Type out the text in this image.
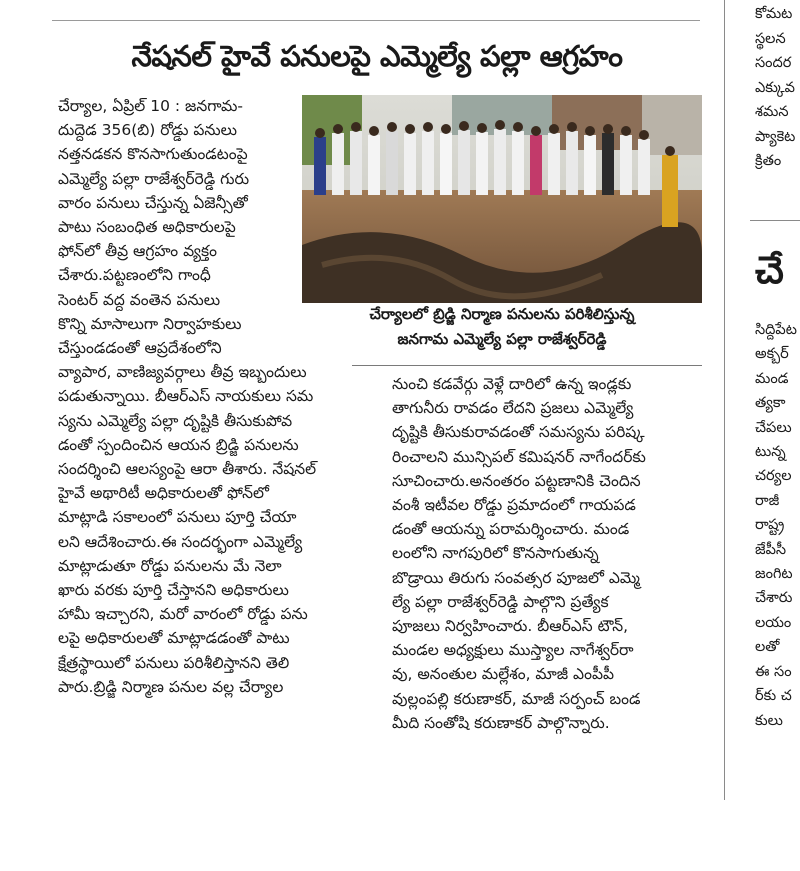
నేషనల్ హైవే పనులపై ఎమ్మెల్యే పల్లా ఆగ్రహం
చేర్యాల, ఏప్రిల్ 10 : జనగామ-
దుద్దెడ 356(బి) రోడ్డు పనులు
నత్తనడకన కొనసాగుతుండటంపై
ఎమ్మెల్యే పల్లా రాజేశ్వర్‌రెడ్డి గురు
వారం పనులు చేస్తున్న ఏజెన్సీతో
పాటు సంబంధిత అధికారులపై
ఫోన్‌లో తీవ్ర ఆగ్రహం వ్యక్తం
చేశారు.పట్టణంలోని గాంధీ
సెంటర్ వద్ద వంతెన పనులు
కొన్ని మాసాలుగా నిర్వాహకులు
చేస్తుండడంతో ఆప్రదేశంలోని
వ్యాపార, వాణిజ్యవర్గాలు తీవ్ర ఇబ్బందులు
పడుతున్నాయి. బీఆర్ఎస్ నాయకులు సమ
స్యను ఎమ్మెల్యే పల్లా దృష్టికి తీసుకుపోవ
డంతో స్పందించిన ఆయన బ్రిడ్జి పనులను
సందర్శించి ఆలస్యంపై ఆరా తీశారు. నేషనల్
హైవే అథారిటీ అధికారులతో ఫోన్‌లో
మాట్లాడి సకాలంలో పనులు పూర్తి చేయా
లని ఆదేశించారు.ఈ సందర్భంగా ఎమ్మెల్యే
మాట్లాడుతూ రోడ్డు పనులను మే నెలా
ఖారు వరకు పూర్తి చేస్తానని అధికారులు
హామీ ఇచ్చారని, మరో వారంలో రోడ్డు పను
లపై అధికారులతో మాట్లాడడంతో పాటు
క్షేత్రస్థాయిలో పనులు పరిశీలిస్తానని తెలి
పారు.బ్రిడ్జి నిర్మాణ పనుల వల్ల చేర్యాల
చేర్యాలలో బ్రిడ్జి నిర్మాణ పనులను పరిశీలిస్తున్న
జనగామ ఎమ్మెల్యే పల్లా రాజేశ్వర్‌రెడ్డి
నుంచి కడవేర్గు వెళ్లే దారిలో ఉన్న ఇండ్లకు
తాగునీరు రావడం లేదని ప్రజలు ఎమ్మెల్యే
దృష్టికి తీసుకురావడంతో సమస్యను పరిష్క
రించాలని మున్సిపల్ కమిషనర్ నాగేందర్‌కు
సూచించారు.అనంతరం పట్టణానికి చెందిన
వంశీ ఇటీవల రోడ్డు ప్రమాదంలో గాయపడ
డంతో ఆయన్ను పరామర్శించారు. మండ
లంలోని నాగపురిలో కొనసాగుతున్న
బొడ్రాయి తిరుగు సంవత్సర పూజలో ఎమ్మె
ల్యే పల్లా రాజేశ్వర్‌రెడ్డి పాల్గొని ప్రత్యేక
పూజలు నిర్వహించారు. బీఆర్ఎస్ టౌన్,
మండల అధ్యక్షులు ముస్త్యాల నాగేశ్వర్‌రా
వు, అనంతుల మల్లేశం, మాజీ ఎంపీపీ
వుల్లంపల్లి కరుణాకర్, మాజీ సర్పంచ్ బండ
మీది సంతోషి కరుణాకర్ పాల్గొన్నారు.
కోమట
స్థలన
సందర
ఎక్కువ
శమన
ప్యాకెట
క్రితం
చే
సిద్దిపేట
అక్బర్
మండ
త్యకా
చేపలు
టున్న
చర్యల
రాజీ
రాష్ట్ర
జేపీసీ
జంగిట
చేశారు
లయం
లతో
ఈ సం
ర్‌కు చ
కులు
